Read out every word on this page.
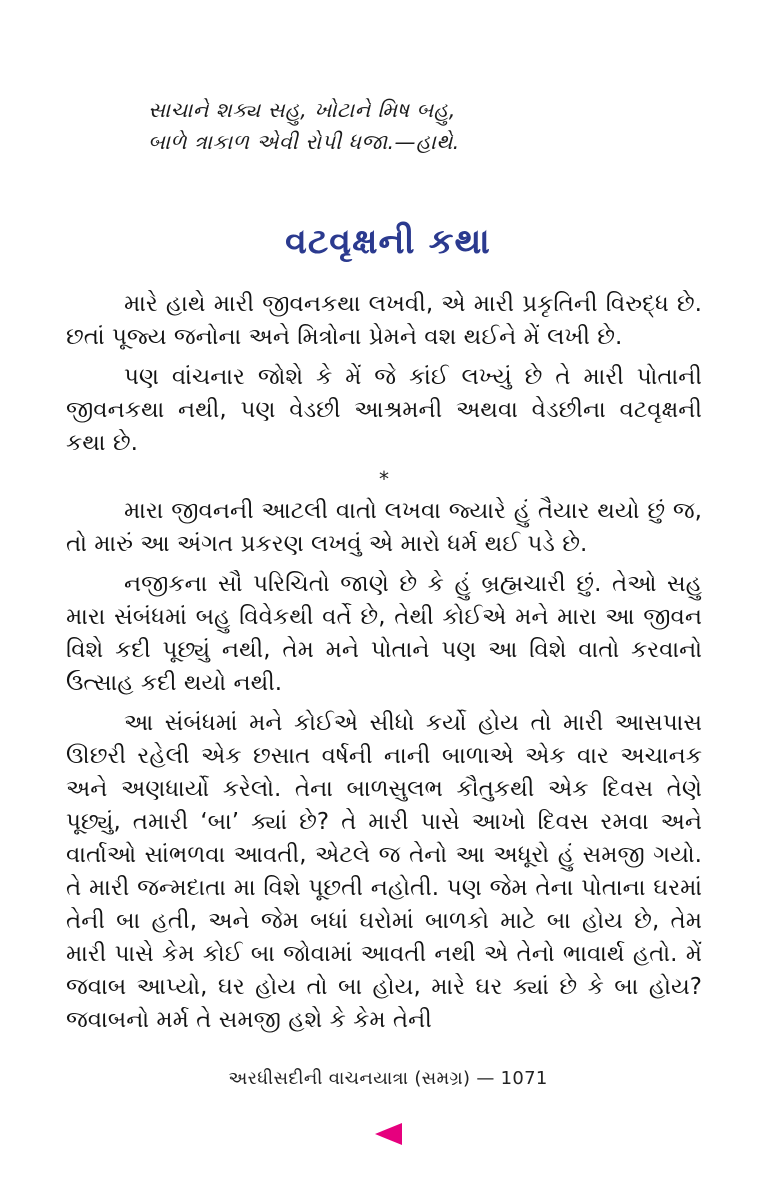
સાચાને શક્ય સહુ, ખોટાને મિષ બહુ,
બાળે ત્રાકાળ એવી રોપી ધજા.—હાથે.
વટવૃક્ષની કથા

મારે હાથે મારી જીવનકથા લખવી, એ મારી પ્રકૃતિની વિરુદ્ધ છે. છતાં પૂજ્ય જનોના અને મિત્રોના પ્રેમને વશ થઈને મેં લખી છે.

પણ વાંચનાર જોશે કે મેં જે કાંઈ લખ્યું છે તે મારી પોતાની જીવનકથા નથી, પણ વેડછી આશ્રમની અથવા વેડછીના વટવૃક્ષની કથા છે.

*

મારા જીવનની આટલી વાતો લખવા જ્યારે હું તૈયાર થયો છું જ, તો મારું આ અંગત પ્રકરણ લખવું એ મારો ધર્મ થઈ પડે છે.

નજીકના સૌ પરિચિતો જાણે છે કે હું બ્રહ્મચારી છું. તેઓ સહુ મારા સંબંધમાં બહુ વિવેકથી વર્તે છે, તેથી કોઈએ મને મારા આ જીવન વિશે કદી પૂછ્યું નથી, તેમ મને પોતાને પણ આ વિશે વાતો કરવાનો ઉત્સાહ કદી થયો નથી.

આ સંબંધમાં મને કોઈએ સીધો કર્યો હોય તો મારી આસપાસ ઊછરી રહેલી એક છસાત વર્ષની નાની બાળાએ એક વાર અચાનક અને અણધાર્યો કરેલો. તેના બાળસુલભ કૌતુકથી એક દિવસ તેણે પૂછ્યું, તમારી ‘બા’ ક્યાં છે? તે મારી પાસે આખો દિવસ રમવા અને વાર્તાઓ સાંભળવા આવતી, એટલે જ તેનો આ અધૂરો હું સમજી ગયો. તે મારી જન્મદાતા મા વિશે પૂછતી નહોતી. પણ જેમ તેના પોતાના ઘરમાં તેની બા હતી, અને જેમ બધાં ઘરોમાં બાળકો માટે બા હોય છે, તેમ મારી પાસે કેમ કોઈ બા જોવામાં આવતી નથી એ તેનો ભાવાર્થ હતો. મેં જવાબ આપ્યો, ઘર હોય તો બા હોય, મારે ઘર ક્યાં છે કે બા હોય? જવાબનો મર્મ તે સમજી હશે કે કેમ તેની

અરધીસદીની વાચનયાત્રા (સમગ્ર) — 1071
